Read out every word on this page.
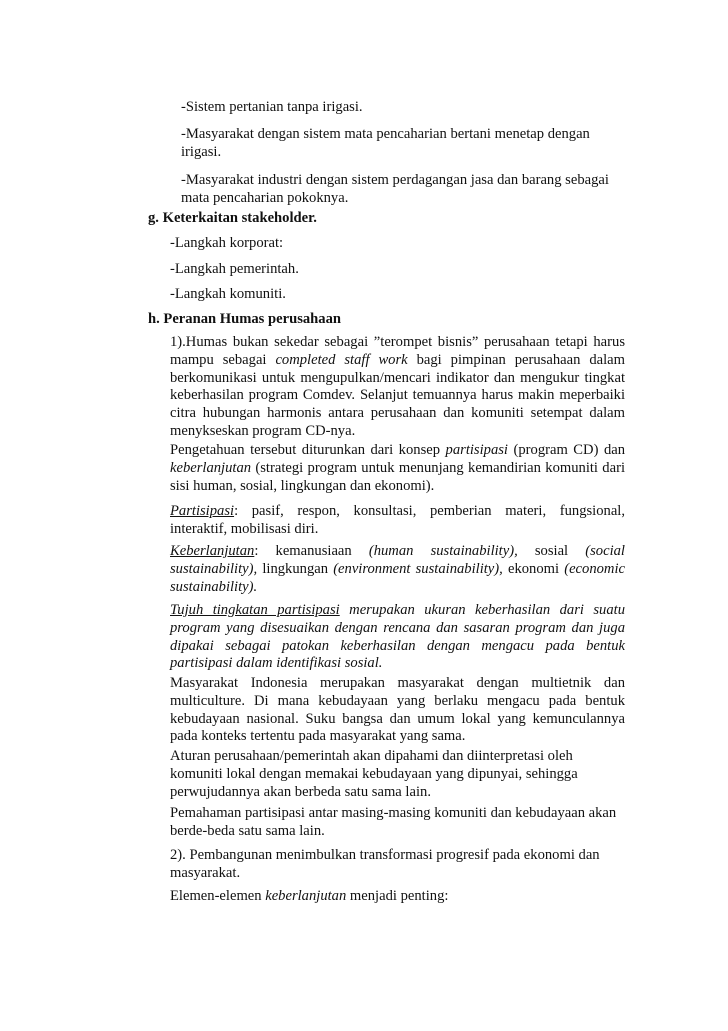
-Sistem pertanian tanpa irigasi.

-Masyarakat dengan sistem mata pencaharian bertani menetap dengan irigasi.

-Masyarakat industri dengan sistem perdagangan jasa dan barang sebagai mata pencaharian pokoknya.

g. Keterkaitan stakeholder.

-Langkah korporat:

-Langkah pemerintah.

-Langkah komuniti.

h. Peranan Humas perusahaan

1).Humas bukan sekedar sebagai ”terompet bisnis” perusahaan tetapi harus mampu sebagai completed staff work bagi pimpinan perusahaan dalam berkomunikasi untuk mengupulkan/mencari indikator dan mengukur tingkat keberhasilan program Comdev. Selanjut temuannya harus makin meperbaiki citra hubungan harmonis antara perusahaan dan komuniti setempat dalam menykseskan program CD-nya.

Pengetahuan tersebut diturunkan dari konsep partisipasi (program CD) dan keberlanjutan (strategi program untuk menunjang kemandirian komuniti dari sisi human, sosial, lingkungan dan ekonomi).

Partisipasi: pasif, respon, konsultasi, pemberian materi, fungsional, interaktif, mobilisasi diri.

Keberlanjutan: kemanusiaan (human sustainability), sosial (social sustainability), lingkungan (environment sustainability), ekonomi (economic sustainability).

Tujuh tingkatan partisipasi merupakan ukuran keberhasilan dari suatu program yang disesuaikan dengan rencana dan sasaran program dan juga dipakai sebagai patokan keberhasilan dengan mengacu pada bentuk partisipasi dalam identifikasi sosial.

Masyarakat Indonesia merupakan masyarakat dengan multietnik dan multiculture. Di mana kebudayaan yang berlaku mengacu pada bentuk kebudayaan nasional. Suku bangsa dan umum lokal yang kemunculannya pada konteks tertentu pada masyarakat yang sama.

Aturan perusahaan/pemerintah akan dipahami dan diinterpretasi oleh komuniti lokal dengan memakai kebudayaan yang dipunyai, sehingga perwujudannya akan berbeda satu sama lain.

Pemahaman partisipasi antar masing-masing komuniti dan kebudayaan akan berde-beda satu sama lain.

2). Pembangunan menimbulkan transformasi progresif pada ekonomi dan masyarakat.

Elemen-elemen keberlanjutan menjadi penting:
